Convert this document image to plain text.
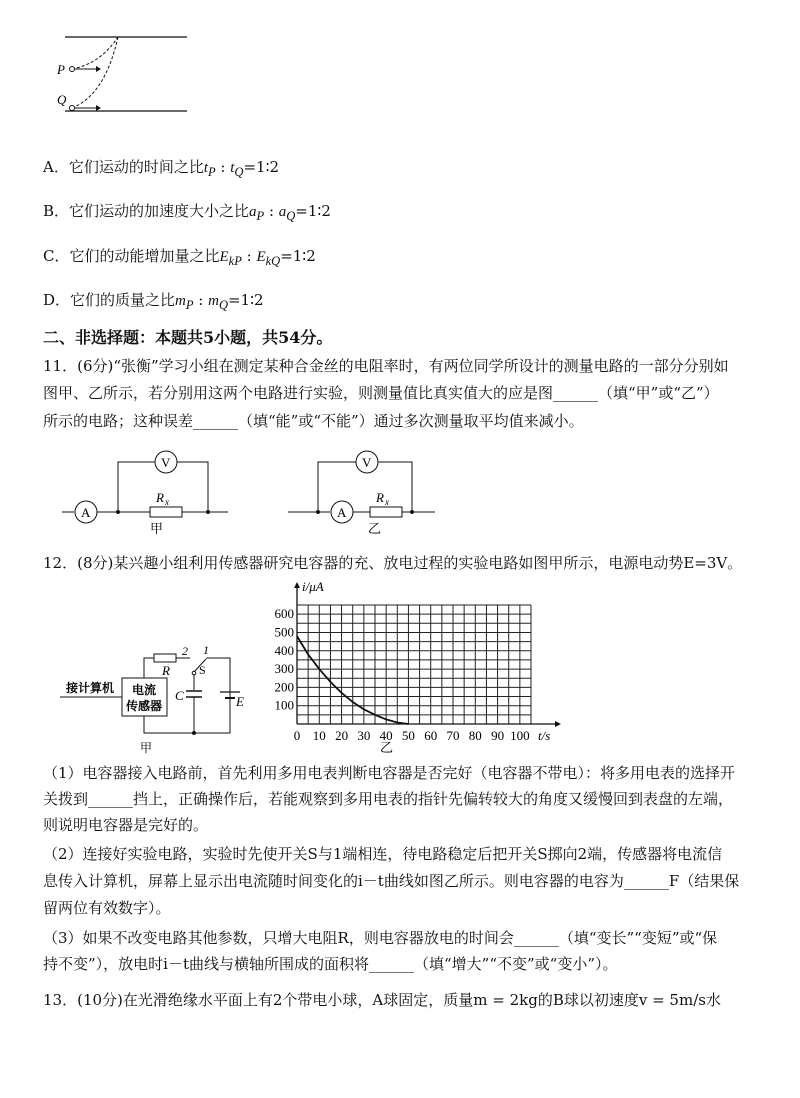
P
Q
A．它们运动的时间之比$t_P$ : $t_Q=1∶2$
B．它们运动的加速度大小之比$a_P$ : $a_Q=1∶2$
C．它们的动能增加量之比$E_{kP}$ : $E_{kQ}=1∶2$
D．它们的质量之比$m_P$ : $m_Q=1∶2$
二、非选择题：本题共5小题，共54分。
11．(6分)“张衡”学习小组在测定某种合金丝的电阻率时，有两位同学所设计的测量电路的一部分分别如
图甲、乙所示，若分别用这两个电路进行实验，则测量值比真实值大的应是图______（填“甲”或“乙”）
所示的电路；这种误差______（填“能”或“不能”）通过多次测量取平均值来减小。
A
V
R x
甲
A
V
R x
乙
12．(8分)某兴趣小组利用传感器研究电容器的充、放电过程的实验电路如图甲所示，电源电动势E=3V。
接计算机 电流
传感器
2
R
1
S
C	E
甲
0 10 20 30 40 50 60 70 80 90 100
100
200
300
400
500
600
i/μA
t/s
乙
（1）电容器接入电路前，首先利用多用电表判断电容器是否完好（电容器不带电）：将多用电表的选择开
关拨到______挡上，正确操作后，若能观察到多用电表的指针先偏转较大的角度又缓慢回到表盘的左端，
则说明电容器是完好的。
（2）连接好实验电路，实验时先使开关S与1端相连，待电路稳定后把开关S掷向2端，传感器将电流信
息传入计算机，屏幕上显示出电流随时间变化的i－t曲线如图乙所示。则电容器的电容为______F（结果保
留两位有效数字）。
（3）如果不改变电路其他参数，只增大电阻R，则电容器放电的时间会______（填“变长”“变短”或“保
持不变”），放电时i－t曲线与横轴所围成的面积将______（填“增大”“不变”或“变小”）。
13．(10分)在光滑绝缘水平面上有2个带电小球，A球固定，质量m = 2kg的B球以初速度v = 5m/s水
